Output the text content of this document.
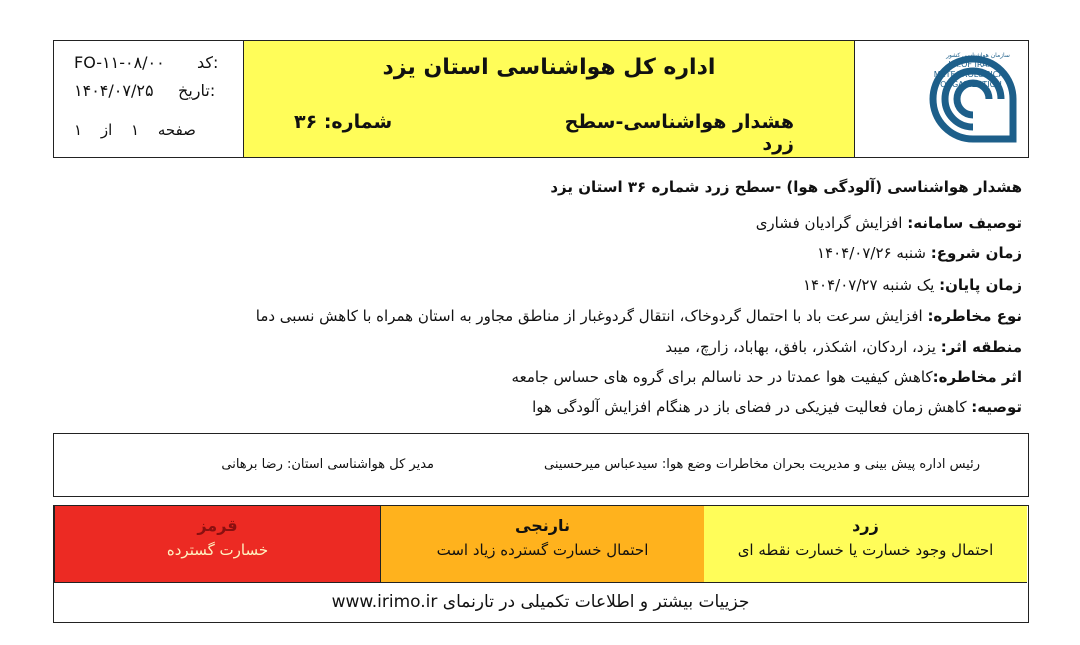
FO-۱۱-۰۸/۰۰ کد:
۱۴۰۴/۰۷/۲۵ تاریخ:
صفحه ۱ از ۱
اداره کل هواشناسی استان یزد
هشدار هواشناسی-سطح زرد
شماره: ۳۶
سازمان هواشناسی کشور
I.R.OF IRAN
METEOROLOGICAL
ORGANIZATION
هشدار هواشناسی (آلودگی هوا) -سطح زرد شماره ۳۶ استان یزد
توصیف سامانه: افزایش گرادیان فشاری
زمان شروع: شنبه ۱۴۰۴/۰۷/۲۶
زمان پایان: یک شنبه ۱۴۰۴/۰۷/۲۷
نوع مخاطره: افزایش سرعت باد با احتمال گردوخاک، انتقال گردوغبار از مناطق مجاور به استان همراه با کاهش نسبی دما
منطقه اثر: یزد، اردکان، اشکذر، بافق، بهاباد، زارچ، میبد
اثر مخاطره:کاهش کیفیت هوا عمدتا در حد ناسالم برای گروه های حساس جامعه
توصیه: کاهش زمان فعالیت فیزیکی در فضای باز در هنگام افزایش آلودگی هوا
رئیس اداره پیش بینی و مدیریت بحران مخاطرات وضع هوا: سیدعباس میرحسینی
مدیر کل هواشناسی استان: رضا برهانی
زرد
احتمال وجود خسارت یا خسارت نقطه ای
نارنجی
احتمال خسارت گسترده زیاد است
قرمز
خسارت گسترده
جزییات بیشتر و اطلاعات تکمیلی در تارنمای www.irimo.ir
